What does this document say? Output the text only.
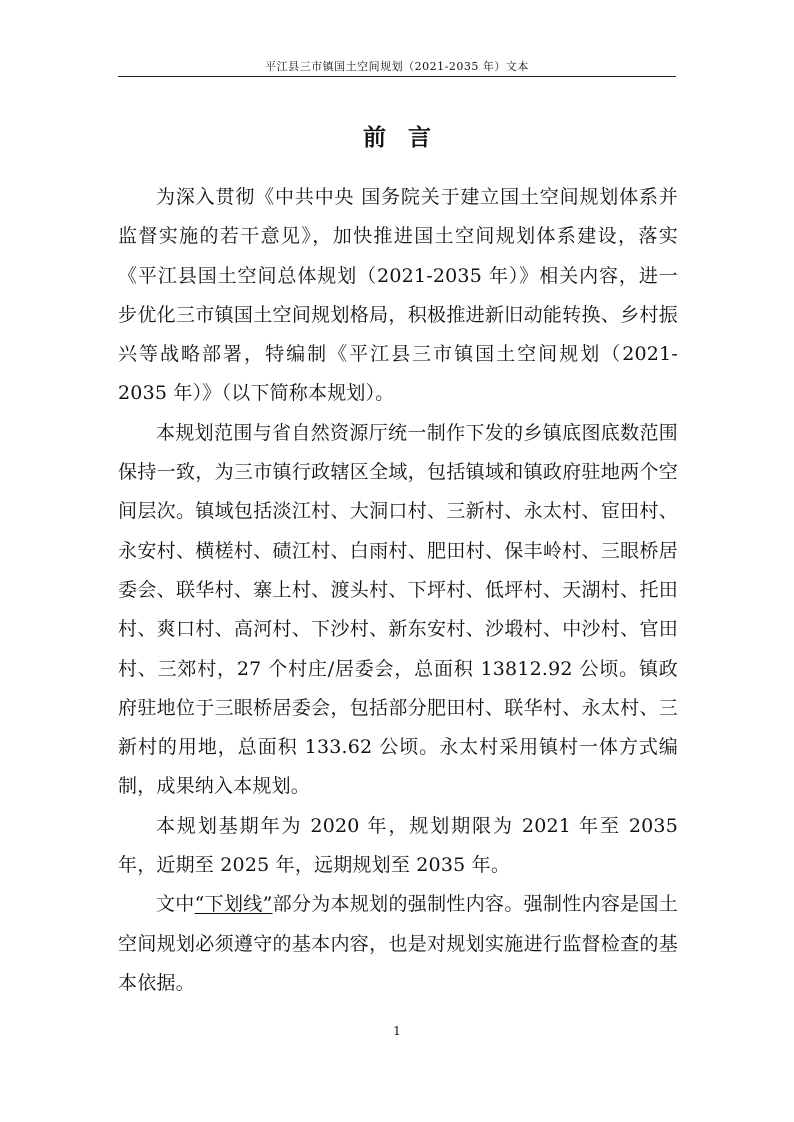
平江县三市镇国土空间规划（2021-2035 年）文本
前言

为深入贯彻《中共中央 国务院关于建立国土空间规划体系并监督实施的若干意见》，加快推进国土空间规划体系建设，落实《平江县国土空间总体规划（2021-2035 年）》相关内容，进一步优化三市镇国土空间规划格局，积极推进新旧动能转换、乡村振兴等战略部署，特编制《平江县三市镇国土空间规划（2021-2035 年）》（以下简称本规划）。

本规划范围与省自然资源厅统一制作下发的乡镇底图底数范围保持一致，为三市镇行政辖区全域，包括镇域和镇政府驻地两个空间层次。镇域包括淡江村、大洞口村、三新村、永太村、宦田村、永安村、横槎村、碛江村、白雨村、肥田村、保丰岭村、三眼桥居委会、联华村、寨上村、渡头村、下坪村、低坪村、天湖村、托田村、爽口村、高河村、下沙村、新东安村、沙塅村、中沙村、官田村、三郊村，27 个村庄/居委会，总面积 13812.92 公顷。镇政府驻地位于三眼桥居委会，包括部分肥田村、联华村、永太村、三新村的用地，总面积 133.62 公顷。永太村采用镇村一体方式编制，成果纳入本规划。

本规划基期年为 2020 年，规划期限为 2021 年至 2035 年，近期至 2025 年，远期规划至 2035 年。

文中“下划线”部分为本规划的强制性内容。强制性内容是国土空间规划必须遵守的基本内容，也是对规划实施进行监督检查的基本依据。

1
